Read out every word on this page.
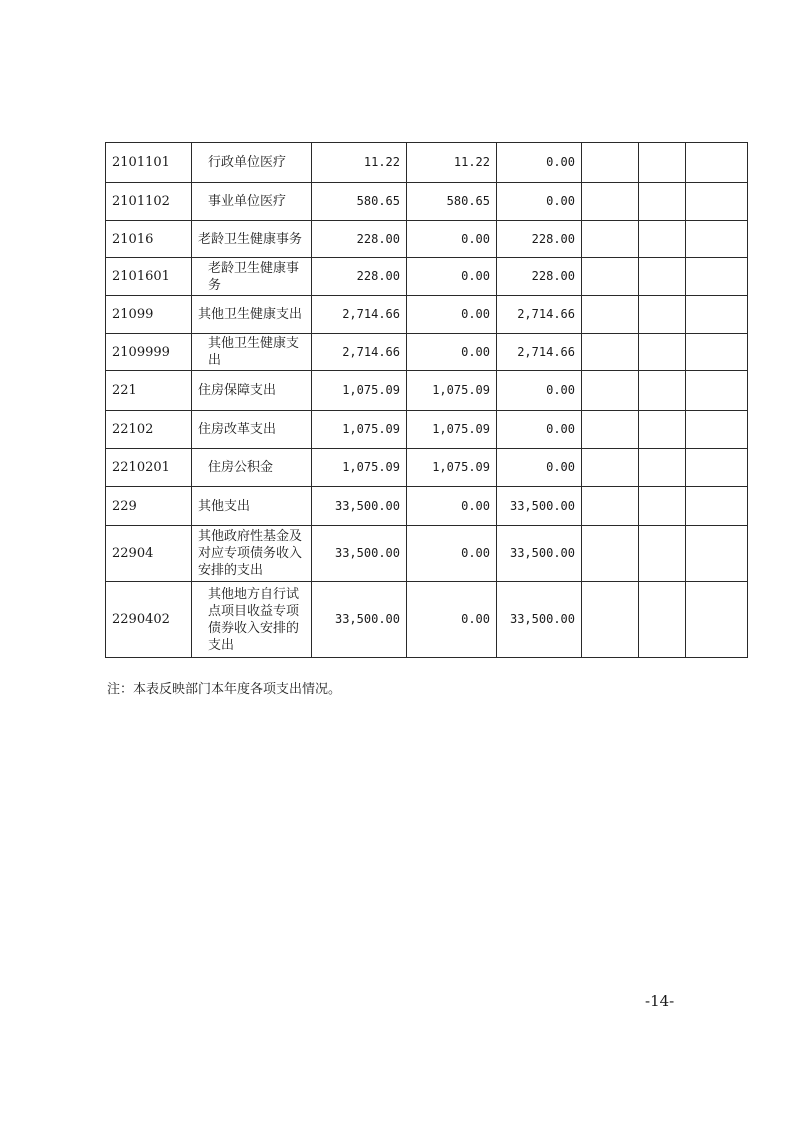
2101101	行政单位医疗	11.22	11.22	0.00			
2101102	事业单位医疗	580.65	580.65	0.00			
21016	老龄卫生健康事务	228.00	0.00	228.00			
2101601	老龄卫生健康事务	228.00	0.00	228.00			
21099	其他卫生健康支出	2,714.66	0.00	2,714.66			
2109999	其他卫生健康支出	2,714.66	0.00	2,714.66			
221	住房保障支出	1,075.09	1,075.09	0.00			
22102	住房改革支出	1,075.09	1,075.09	0.00			
2210201	住房公积金	1,075.09	1,075.09	0.00			
229	其他支出	33,500.00	0.00	33,500.00			
22904	其他政府性基金及对应专项债务收入安排的支出	33,500.00	0.00	33,500.00			
2290402	其他地方自行试点项目收益专项债券收入安排的支出	33,500.00	0.00	33,500.00			
注：本表反映部门本年度各项支出情况。
-14-
